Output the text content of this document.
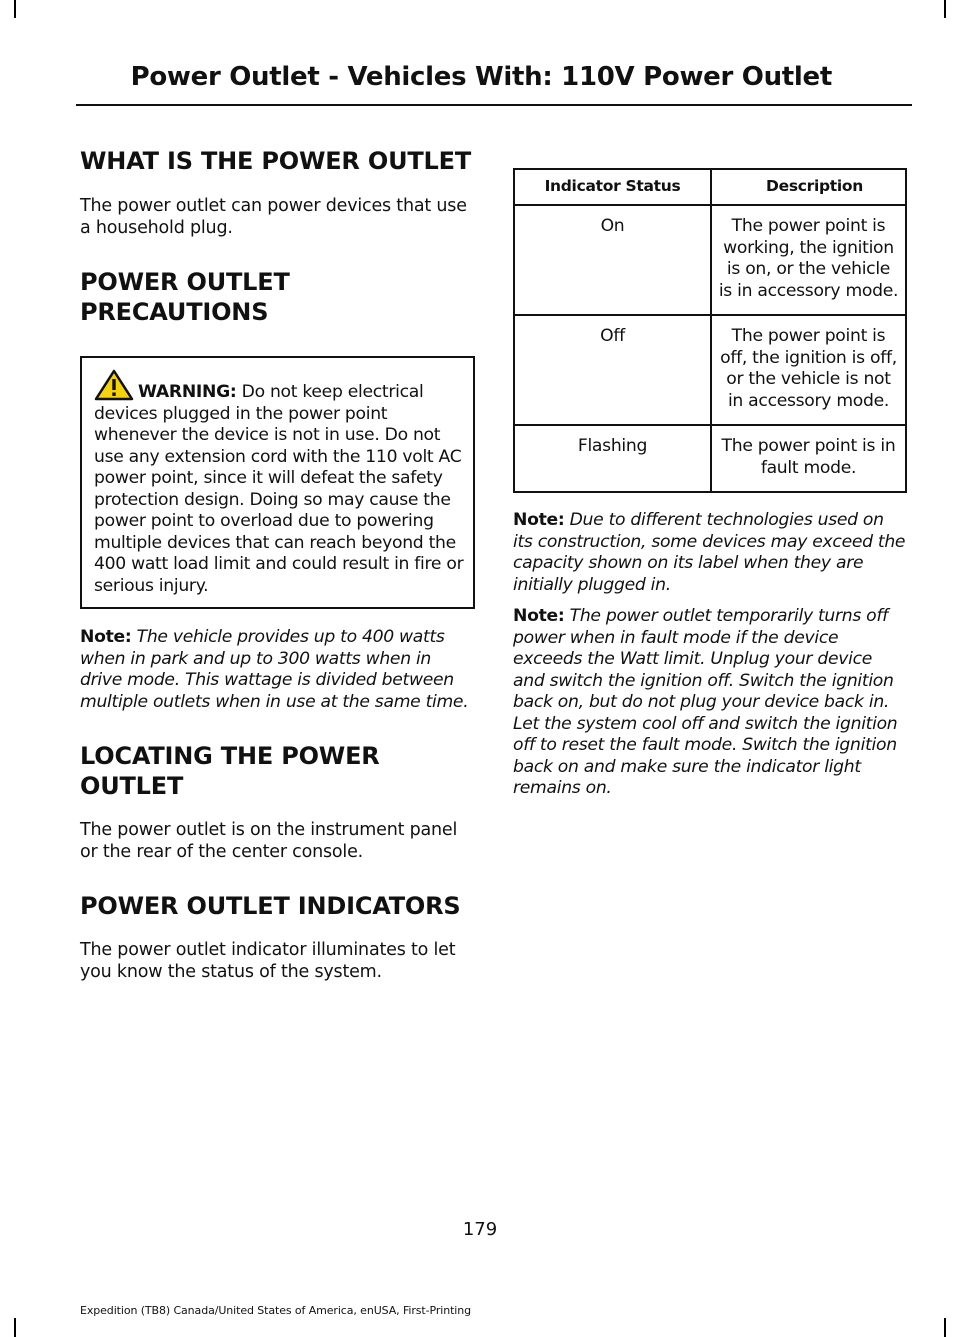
Power Outlet - Vehicles With: 110V Power Outlet
WHAT IS THE POWER OUTLET

The power outlet can power devices that use a household plug.

POWER OUTLET
PRECAUTIONS
WARNING: Do not keep electrical devices plugged in the power point whenever the device is not in use. Do not use any extension cord with the 110 volt AC power point, since it will defeat the safety protection design. Doing so may cause the power point to overload due to powering multiple devices that can reach beyond the 400 watt load limit and could result in fire or serious injury.

Note: The vehicle provides up to 400 watts when in park and up to 300 watts when in drive mode. This wattage is divided between multiple outlets when in use at the same time.

LOCATING THE POWER
OUTLET

The power outlet is on the instrument panel or the rear of the center console.

POWER OUTLET INDICATORS

The power outlet indicator illuminates to let you know the status of the system.

Indicator Status	Description
On	The power point is working, the ignition is on, or the vehicle is in accessory mode.
Off	The power point is off, the ignition is off, or the vehicle is not in accessory mode.
Flashing	The power point is in fault mode.

Note: Due to different technologies used on its construction, some devices may exceed the capacity shown on its label when they are initially plugged in.

Note: The power outlet temporarily turns off power when in fault mode if the device exceeds the Watt limit. Unplug your device and switch the ignition off. Switch the ignition back on, but do not plug your device back in. Let the system cool off and switch the ignition off to reset the fault mode. Switch the ignition back on and make sure the indicator light remains on.

179
Expedition (TB8) Canada/United States of America, enUSA, First-Printing
